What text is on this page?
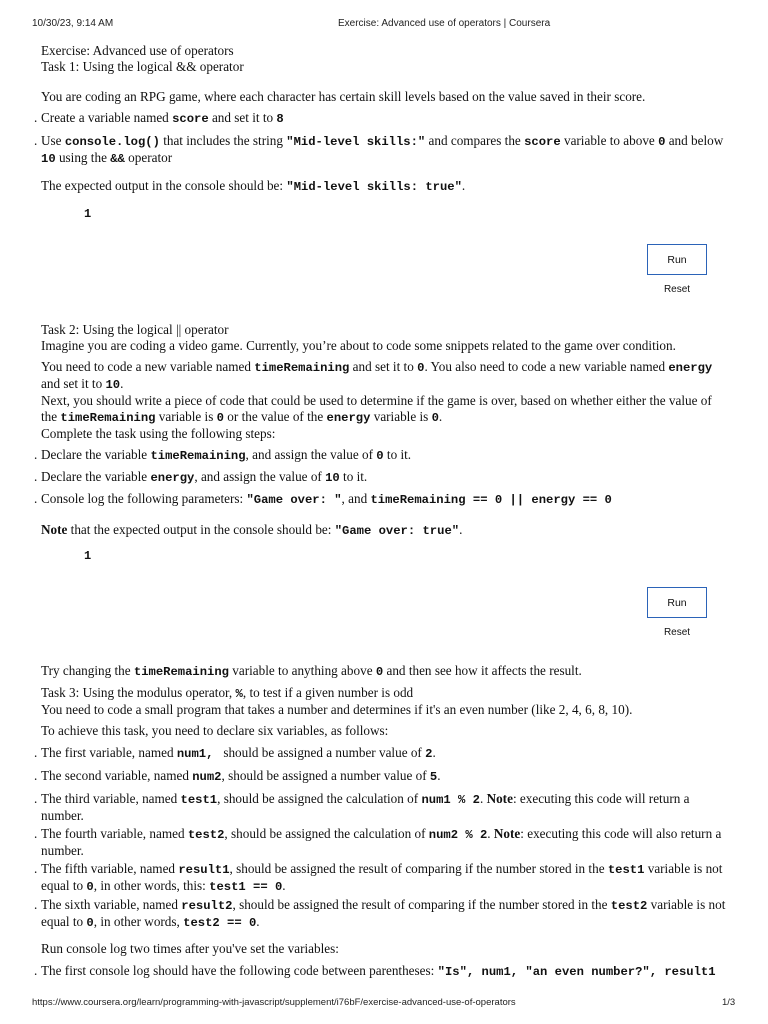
10/30/23, 9:14 AM	Exercise: Advanced use of operators | Coursera

Exercise: Advanced use of operators

Task 1: Using the logical && operator

You are coding an RPG game, where each character has certain skill levels based on the value saved in their score.

. Create a variable named score and set it to 8

. Use console.log() that includes the string "Mid-level skills:" and compares the score variable to above 0 and below 10 using the && operator

The expected output in the console should be: "Mid-level skills: true".

1
Run
Reset

Task 2: Using the logical || operator

Imagine you are coding a video game. Currently, you’re about to code some snippets related to the game over condition.

You need to code a new variable named timeRemaining and set it to 0. You also need to code a new variable named energy and set it to 10.

Next, you should write a piece of code that could be used to determine if the game is over, based on whether either the value of the timeRemaining variable is 0 or the value of the energy variable is 0.

Complete the task using the following steps:

. Declare the variable timeRemaining, and assign the value of 0 to it.

. Declare the variable energy, and assign the value of 10 to it.

. Console log the following parameters: "Game over: ", and timeRemaining == 0 || energy == 0

Note that the expected output in the console should be: "Game over: true".

1
Run
Reset

Try changing the timeRemaining variable to anything above 0 and then see how it affects the result.

Task 3: Using the modulus operator, %, to test if a given number is odd

You need to code a small program that takes a number and determines if it's an even number (like 2, 4, 6, 8, 10).

To achieve this task, you need to declare six variables, as follows:

. The first variable, named num1,   should be assigned a number value of 2.

. The second variable, named num2, should be assigned a number value of 5.

. The third variable, named test1, should be assigned the calculation of num1 % 2. Note: executing this code will return a number.

. The fourth variable, named test2, should be assigned the calculation of num2 % 2. Note: executing this code will also return a number.

. The fifth variable, named result1, should be assigned the result of comparing if the number stored in the test1 variable is not equal to 0, in other words, this: test1 == 0.

. The sixth variable, named result2, should be assigned the result of comparing if the number stored in the test2 variable is not equal to 0, in other words, test2 == 0.

Run console log two times after you've set the variables:

. The first console log should have the following code between parentheses: "Is", num1, "an even number?", result1

https://www.coursera.org/learn/programming-with-javascript/supplement/i76bF/exercise-advanced-use-of-operators	1/3
